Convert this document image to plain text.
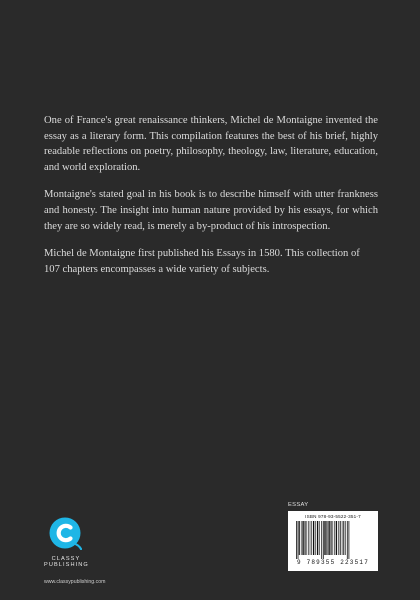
One of France's great renaissance thinkers, Michel de Montaigne invented the essay as a literary form. This compilation features the best of his brief, highly readable reflections on poetry, philosophy, theology, law, literature, education, and world exploration.

Montaigne's stated goal in his book is to describe himself with utter frankness and honesty. The insight into human nature provided by his essays, for which they are so widely read, is merely a by-product of his introspection.

Michel de Montaigne first published his Essays in 1580. This collection of 107 chapters encompasses a wide variety of subjects.

CLASSY
PUBLISHING
www.classypublishing.com
ESSAY
ISBN 978-93-5522-351-7
9 789355 223517
